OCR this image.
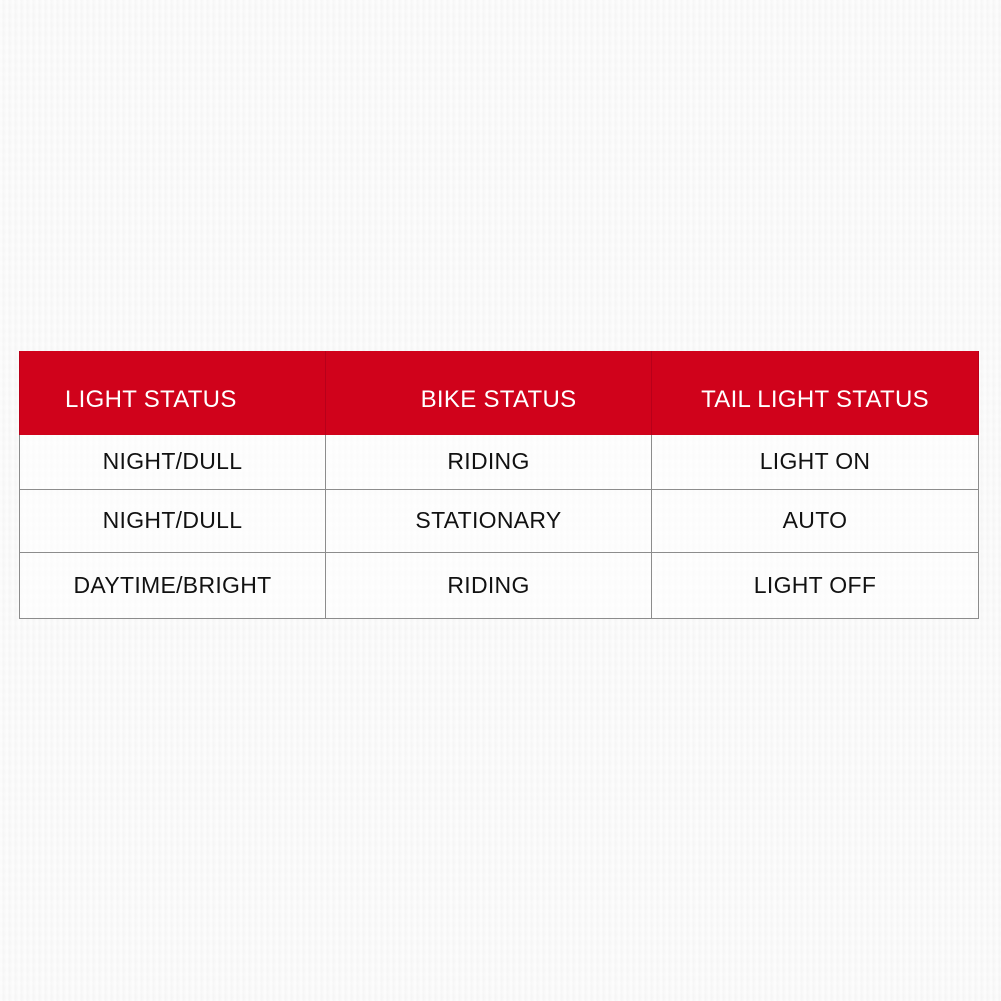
LIGHT STATUS	BIKE STATUS	TAIL LIGHT STATUS
NIGHT/DULL	RIDING	LIGHT ON
NIGHT/DULL	STATIONARY	AUTO
DAYTIME/BRIGHT	RIDING	LIGHT OFF
